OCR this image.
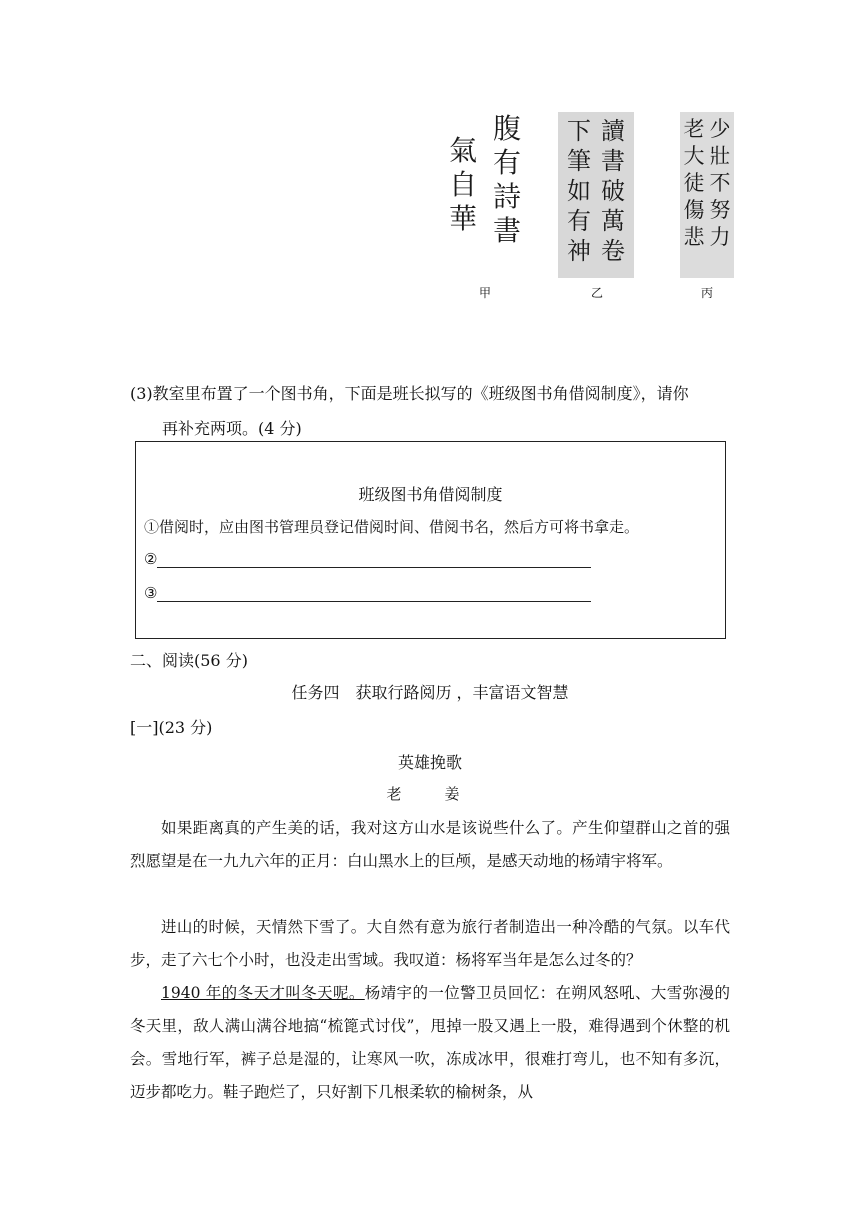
腹有詩書
氣自華
讀書破萬卷
下筆如有神
少壯不努力
老大徒傷悲
甲	乙	丙
(3)教室里布置了一个图书角，下面是班长拟写的《班级图书角借阅制度》，请你
再补充两项。(4 分)
班级图书角借阅制度
①借阅时，应由图书管理员登记借阅时间、借阅书名，然后方可将书拿走。
②
③
二、阅读(56 分)
任务四　获取行路阅历 ，丰富语文智慧
[一](23 分)
英雄挽歌
老　姜
如果距离真的产生美的话，我对这方山水是该说些什么了。产生仰望群山之首的强烈愿望是在一九九六年的正月：白山黑水上的巨颅，是感天动地的杨靖宇将军。
进山的时候，天情然下雪了。大自然有意为旅行者制造出一种冷酷的气氛。以车代步，走了六七个小时，也没走出雪域。我叹道：杨将军当年是怎么过冬的？
1940 年的冬天才叫冬天呢。杨靖宇的一位警卫员回忆：在朔风怒吼、大雪弥漫的冬天里，敌人满山满谷地搞“梳篦式讨伐”，甩掉一股又遇上一股，难得遇到个休整的机会。雪地行军，裤子总是湿的，让寒风一吹，冻成冰甲，很难打弯儿，也不知有多沉，迈步都吃力。鞋子跑烂了，只好割下几根柔软的榆树条，从
